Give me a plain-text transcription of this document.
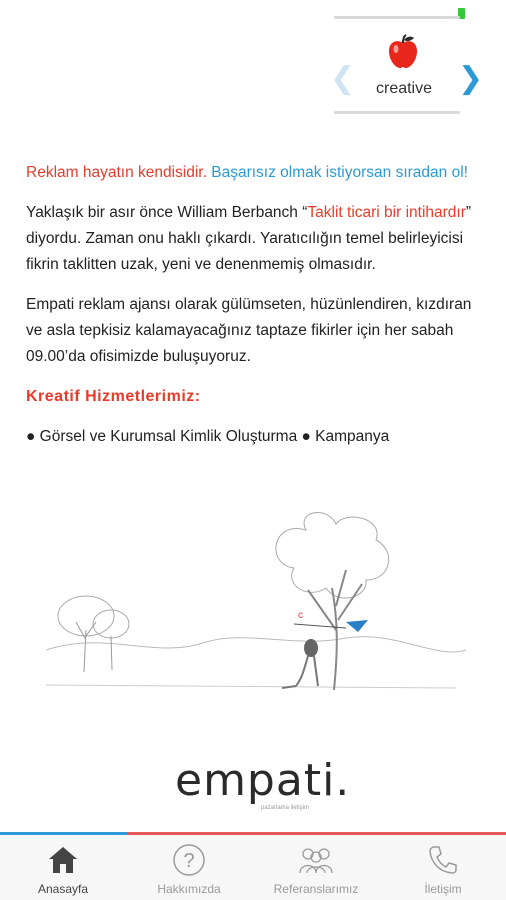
❮	❯
creative

Reklam hayatın kendisidir. Başarısız olmak istiyorsan sıradan ol!

Yaklaşık bir asır önce William Berbanch “Taklit ticari bir intihardır” diyordu. Zaman onu haklı çıkardı. Yaratıcılığın temel belirleyicisi fikrin taklitten uzak, yeni ve denenmemiş olmasıdır.

Empati reklam ajansı olarak gülümseten, hüzünlendiren, kızdıran ve asla tepkisiz kalamayacağınız taptaze fikirler için her sabah 09.00’da ofisimizde buluşuyoruz.

Kreatif Hizmetlerimiz:
● Görsel ve Kurumsal Kimlik Oluşturma ● Kampanya
c
empati.
pazarlama iletişim
Anasayfa
?
Hakkımızda	Referanslarımız	İletişim
